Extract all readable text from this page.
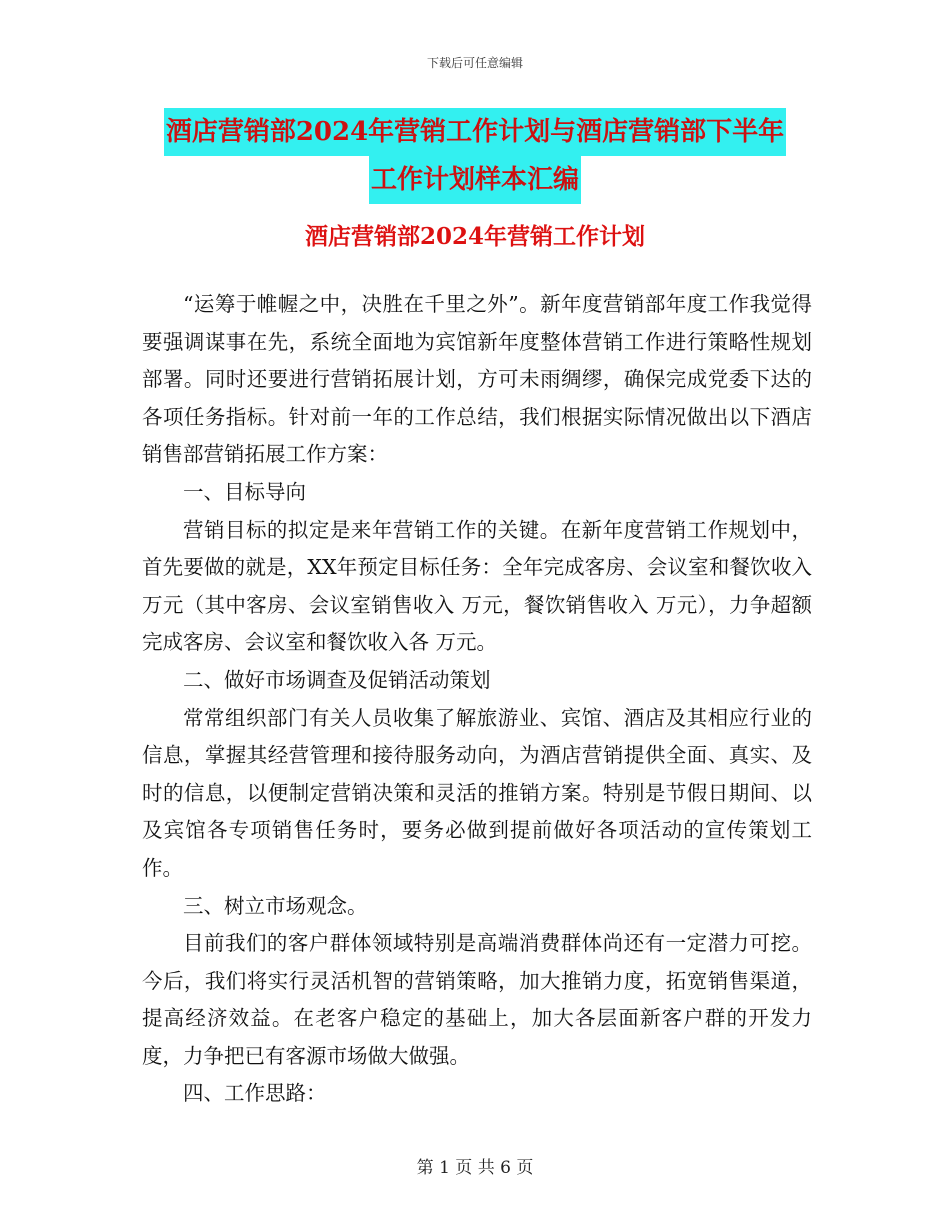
下载后可任意编辑
酒店营销部2024年营销工作计划与酒店营销部下半年
工作计划样本汇编
酒店营销部2024年营销工作计划

“运筹于帷幄之中，决胜在千里之外”。新年度营销部年度工作我觉得要强调谋事在先，系统全面地为宾馆新年度整体营销工作进行策略性规划部署。同时还要进行营销拓展计划，方可未雨绸缪，确保完成党委下达的各项任务指标。针对前一年的工作总结，我们根据实际情况做出以下酒店销售部营销拓展工作方案：

一、目标导向

营销目标的拟定是来年营销工作的关键。在新年度营销工作规划中，首先要做的就是，XX年预定目标任务：全年完成客房、会议室和餐饮收入 万元（其中客房、会议室销售收入 万元，餐饮销售收入 万元），力争超额完成客房、会议室和餐饮收入各 万元。

二、做好市场调查及促销活动策划

常常组织部门有关人员收集了解旅游业、宾馆、酒店及其相应行业的信息，掌握其经营管理和接待服务动向，为酒店营销提供全面、真实、及时的信息，以便制定营销决策和灵活的推销方案。特别是节假日期间、以及宾馆各专项销售任务时，要务必做到提前做好各项活动的宣传策划工作。

三、树立市场观念。

目前我们的客户群体领域特别是高端消费群体尚还有一定潜力可挖。今后，我们将实行灵活机智的营销策略，加大推销力度，拓宽销售渠道，提高经济效益。在老客户稳定的基础上，加大各层面新客户群的开发力度，力争把已有客源市场做大做强。

四、工作思路：

第 1 页 共 6 页
